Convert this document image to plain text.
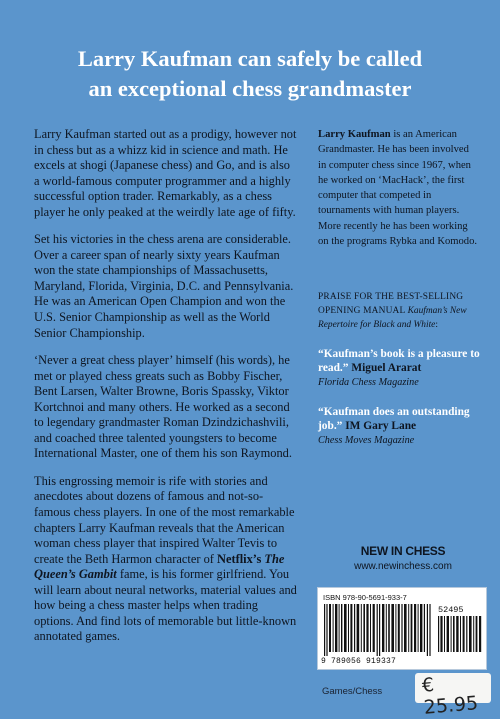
Larry Kaufman can safely be called
an exceptional chess grandmaster

Larry Kaufman started out as a prodigy, however not in chess but as a whizz kid in science and math. He excels at shogi (Japanese chess) and Go, and is also a world-famous computer programmer and a highly successful option trader. Remarkably, as a chess player he only peaked at the weirdly late age of fifty.

Set his victories in the chess arena are considerable. Over a career span of nearly sixty years Kaufman won the state championships of Massachusetts, Maryland, Florida, Virginia, D.C. and Pennsylvania. He was an American Open Champion and won the U.S. Senior Championship as well as the World Senior Championship.

‘Never a great chess player’ himself (his words), he met or played chess greats such as Bobby Fischer, Bent Larsen, Walter Browne, Boris Spassky, Viktor Kortchnoi and many others. He worked as a second to legendary grandmaster Roman Dzindzichashvili, and coached three talented youngsters to become International Master, one of them his son Raymond.

This engrossing memoir is rife with stories and anecdotes about dozens of famous and not-so-famous chess players. In one of the most remarkable chapters Larry Kaufman reveals that the American woman chess player that inspired Walter Tevis to create the Beth Harmon character of Netflix’s The Queen’s Gambit fame, is his former girlfriend. You will learn about neural networks, material values and how being a chess master helps when trading options. And find lots of memorable but little-known annotated games.

Larry Kaufman is an American Grandmaster. He has been involved in computer chess since 1967, when he worked on ‘MacHack’, the first computer that competed in tournaments with human players. More recently he has been working on the programs Rybka and Komodo.
PRAISE FOR THE BEST-SELLING OPENING MANUAL Kaufman’s New Repertoire for Black and White:
“Kaufman’s book is a pleasure to read.” Miguel Ararat
Florida Chess Magazine
“Kaufman does an outstanding job.” IM Gary Lane
Chess Moves Magazine
NEW IN CHESS
www.newinchess.com
ISBN 978-90-5691-933-7
52495
9 789056 919337
Games/Chess € 25.95
